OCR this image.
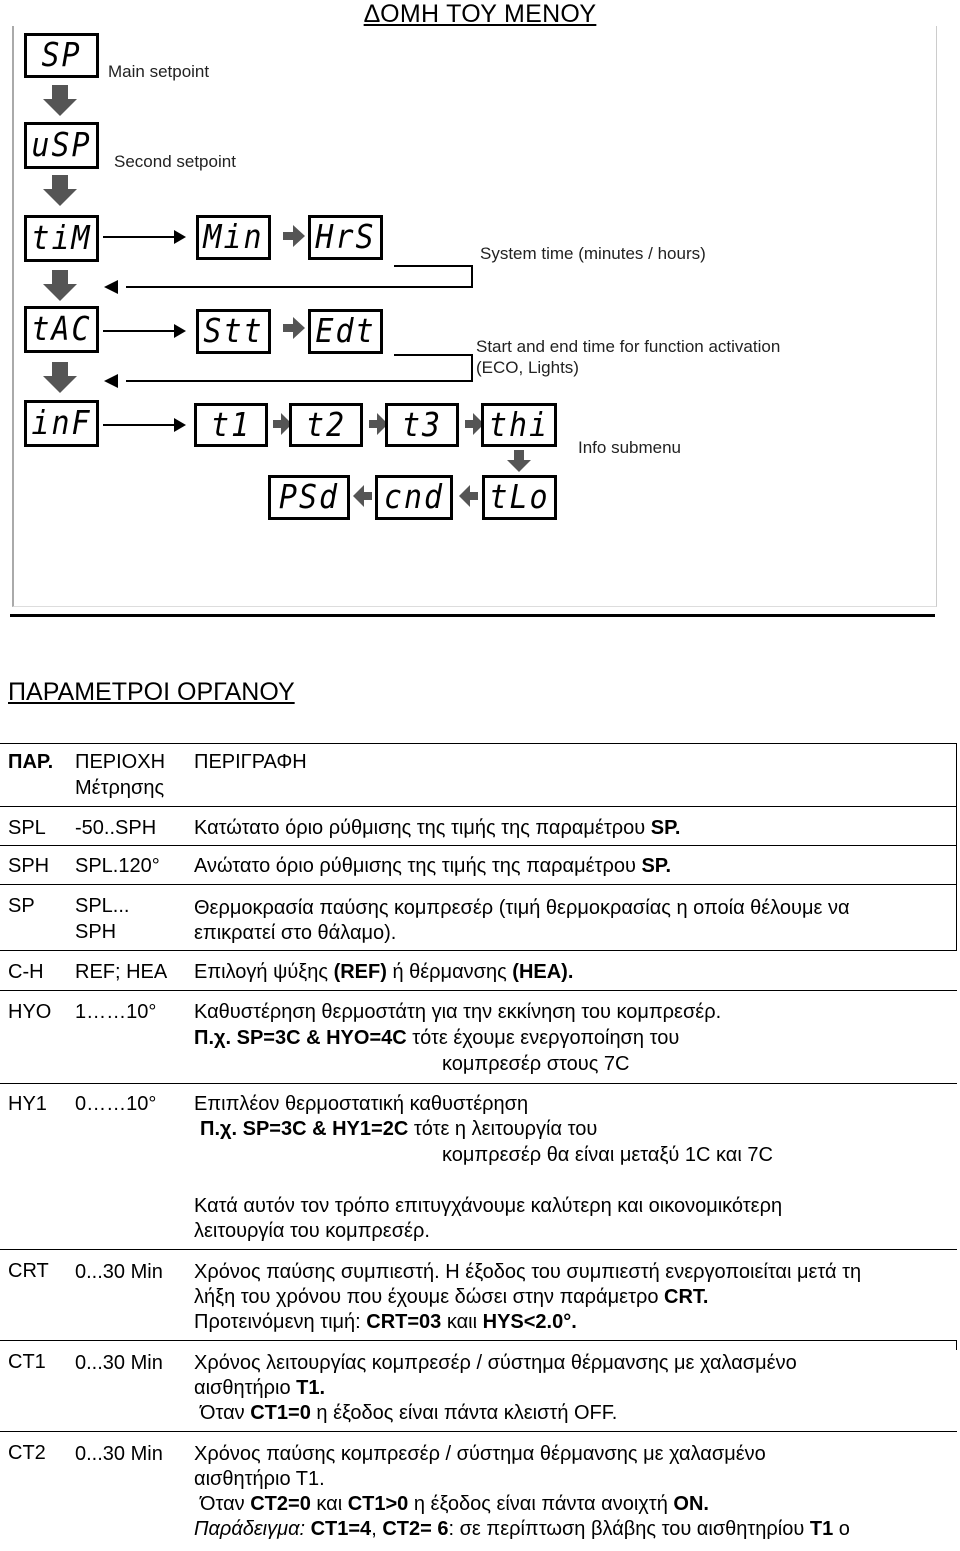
ΔΟΜΗ ΤΟΥ ΜΕΝΟΥ
SP
uSP
tiM
tAC
inF
Min HrS
Stt Edt
t1 t2 t3 thi
PSd cnd tLo
Main setpoint
Second setpoint
System time (minutes / hours)
Start and end time for function activation
(ECO, Lights)
Info submenu
ΠΑΡΑΜΕΤΡΟΙ ΟΡΓΑΝΟΥ
ΠΑΡ. ΠΕΡΙΟΧΗ
Μέτρησης
ΠΕΡΙΓΡΑΦΗ
SPL -50..SPH Κατώτατο όριο ρύθμισης της τιμής της παραμέτρου SP.
SPH SPL.120° Ανώτατο όριο ρύθμισης της τιμής της παραμέτρου SP.
SP SPL...
SPH
Θερμοκρασία παύσης κομπρεσέρ (τιμή θερμοκρασίας η οποία θέλουμε να
επικρατεί στο θάλαμο).
C-H REF; HEA Επιλογή ψύξης (REF) ή θέρμανσης (HEA).
HYO 1……10° Καθυστέρηση θερμοστάτη για την εκκίνηση του κομπρεσέρ.
Π.χ. SP=3C & HYO=4C τότε έχουμε ενεργοποίηση του
κομπρεσέρ στους 7C
HY1 0……10° Επιπλέον θερμοστατική καθυστέρηση
Π.χ. SP=3C & HY1=2C τότε η λειτουργία του
κομπρεσέρ θα είναι μεταξύ 1C και 7C
Κατά αυτόν τον τρόπο επιτυγχάνουμε καλύτερη και οικονομικότερη
λειτουργία του κομπρεσέρ.
CRT 0...30 Min Χρόνος παύσης συμπιεστή. Η έξοδος του συμπιεστή ενεργοποιείται μετά τη
λήξη του χρόνου που έχουμε δώσει στην παράμετρο CRT.
Προτεινόμενη τιμή: CRT=03 καιι HYS<2.0°.
CT1 0...30 Min Χρόνος λειτουργίας κομπρεσέρ / σύστημα θέρμανσης με χαλασμένο
αισθητήριο T1.
Όταν CT1=0 η έξοδος είναι πάντα κλειστή OFF.
CT2 0...30 Min Χρόνος παύσης κομπρεσέρ / σύστημα θέρμανσης με χαλασμένο
αισθητήριο Τ1.
Όταν CT2=0 και CT1>0 η έξοδος είναι πάντα ανοιχτή ON.
Παράδειγμα: CT1=4, CT2= 6: σε περίπτωση βλάβης του αισθητηρίου T1 ο
